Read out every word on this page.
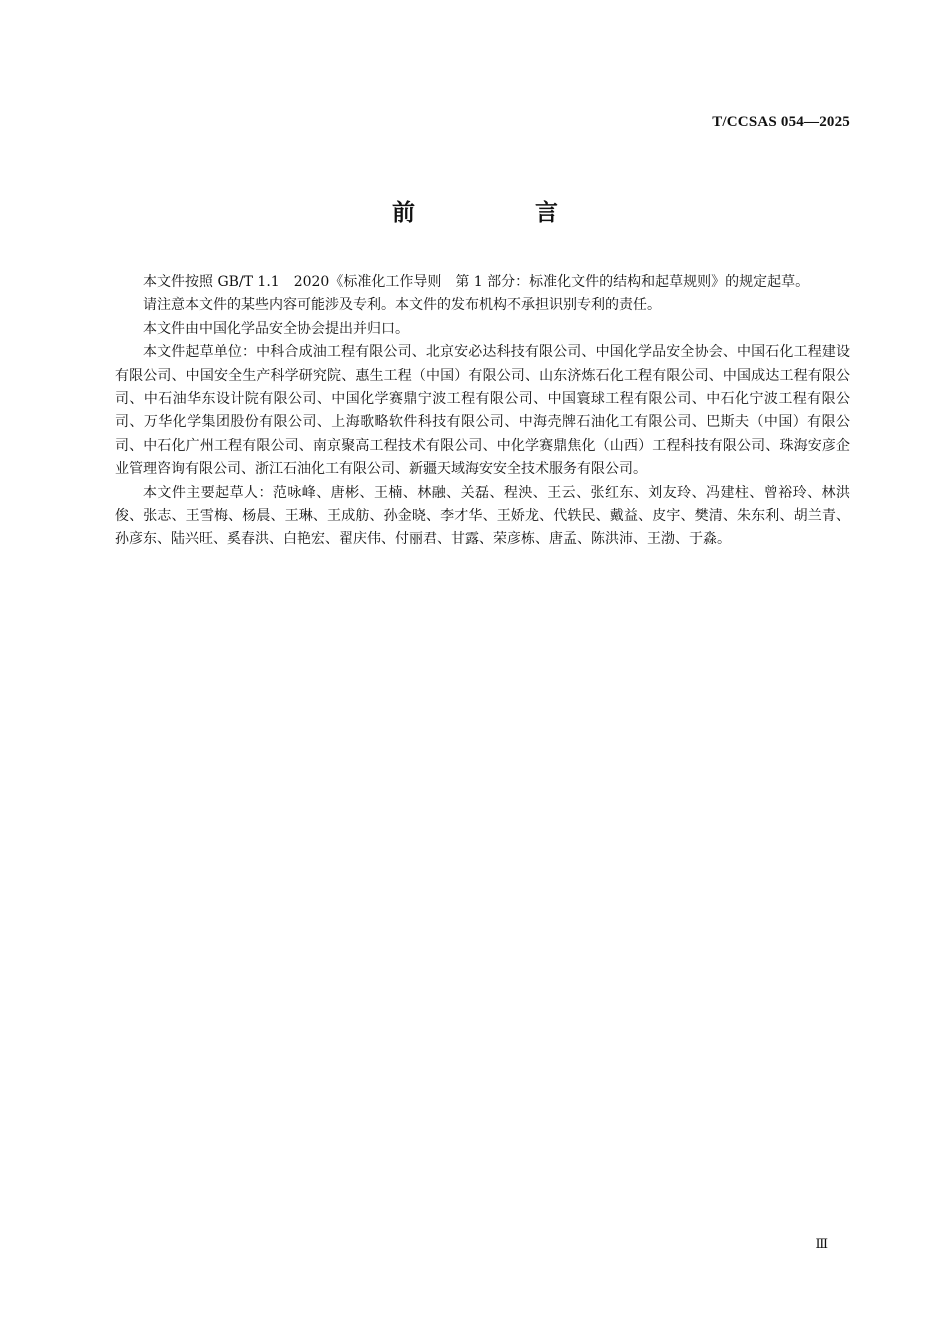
T/CCSAS 054—2025
前 言

本文件按照 GB/T 1.1　2020《标准化工作导则　第 1 部分：标准化文件的结构和起草规则》的规定起草。

请注意本文件的某些内容可能涉及专利。本文件的发布机构不承担识别专利的责任。

本文件由中国化学品安全协会提出并归口。

本文件起草单位：中科合成油工程有限公司、北京安必达科技有限公司、中国化学品安全协会、中国石化工程建设有限公司、中国安全生产科学研究院、惠生工程（中国）有限公司、山东济炼石化工程有限公司、中国成达工程有限公司、中石油华东设计院有限公司、中国化学赛鼎宁波工程有限公司、中国寰球工程有限公司、中石化宁波工程有限公司、万华化学集团股份有限公司、上海歌略软件科技有限公司、中海壳牌石油化工有限公司、巴斯夫（中国）有限公司、中石化广州工程有限公司、南京聚高工程技术有限公司、中化学赛鼎焦化（山西）工程科技有限公司、珠海安彦企业管理咨询有限公司、浙江石油化工有限公司、新疆天域海安安全技术服务有限公司。

本文件主要起草人：范咏峰、唐彬、王楠、林融、关磊、程泱、王云、张红东、刘友玲、冯建柱、曾裕玲、林洪俊、张志、王雪梅、杨晨、王琳、王成舫、孙金晓、李才华、王娇龙、代轶民、戴益、皮宇、樊清、朱东利、胡兰青、孙彦东、陆兴旺、奚春洪、白艳宏、翟庆伟、付丽君、甘露、荣彦栋、唐孟、陈洪沛、王渤、于淼。

Ⅲ
